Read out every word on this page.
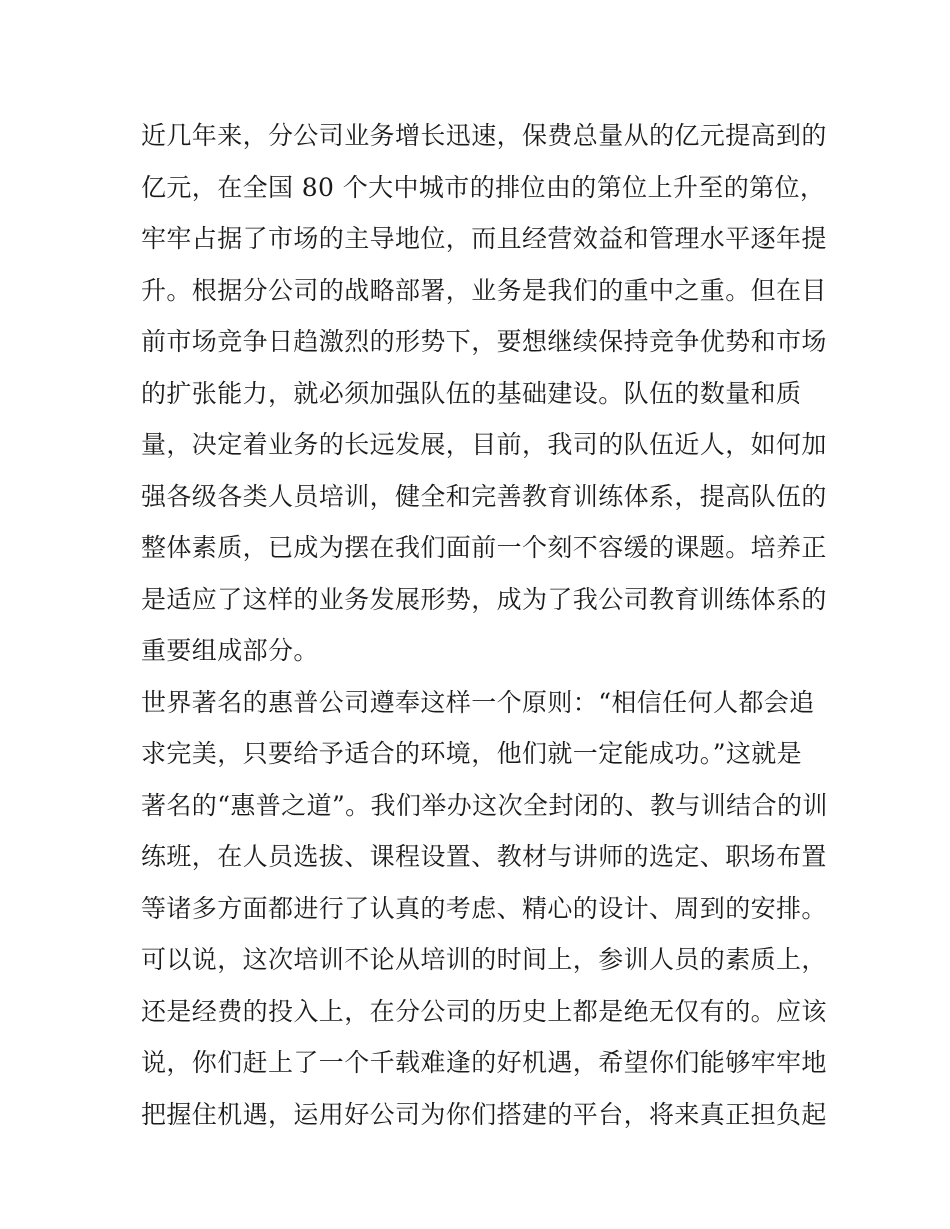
近几年来，分公司业务增长迅速，保费总量从的亿元提高到的
亿元，在全国 80 个大中城市的排位由的第位上升至的第位，
牢牢占据了市场的主导地位，而且经营效益和管理水平逐年提
升。根据分公司的战略部署，业务是我们的重中之重。但在目
前市场竞争日趋激烈的形势下，要想继续保持竞争优势和市场
的扩张能力，就必须加强队伍的基础建设。队伍的数量和质
量，决定着业务的长远发展，目前，我司的队伍近人，如何加
强各级各类人员培训，健全和完善教育训练体系，提高队伍的
整体素质，已成为摆在我们面前一个刻不容缓的课题。培养正
是适应了这样的业务发展形势，成为了我公司教育训练体系的
重要组成部分。
世界著名的惠普公司遵奉这样一个原则：“相信任何人都会追
求完美，只要给予适合的环境，他们就一定能成功。”这就是
著名的“惠普之道”。我们举办这次全封闭的、教与训结合的训
练班，在人员选拔、课程设置、教材与讲师的选定、职场布置
等诸多方面都进行了认真的考虑、精心的设计、周到的安排。
可以说，这次培训不论从培训的时间上，参训人员的素质上，
还是经费的投入上，在分公司的历史上都是绝无仅有的。应该
说，你们赶上了一个千载难逢的好机遇，希望你们能够牢牢地
把握住机遇，运用好公司为你们搭建的平台，将来真正担负起
